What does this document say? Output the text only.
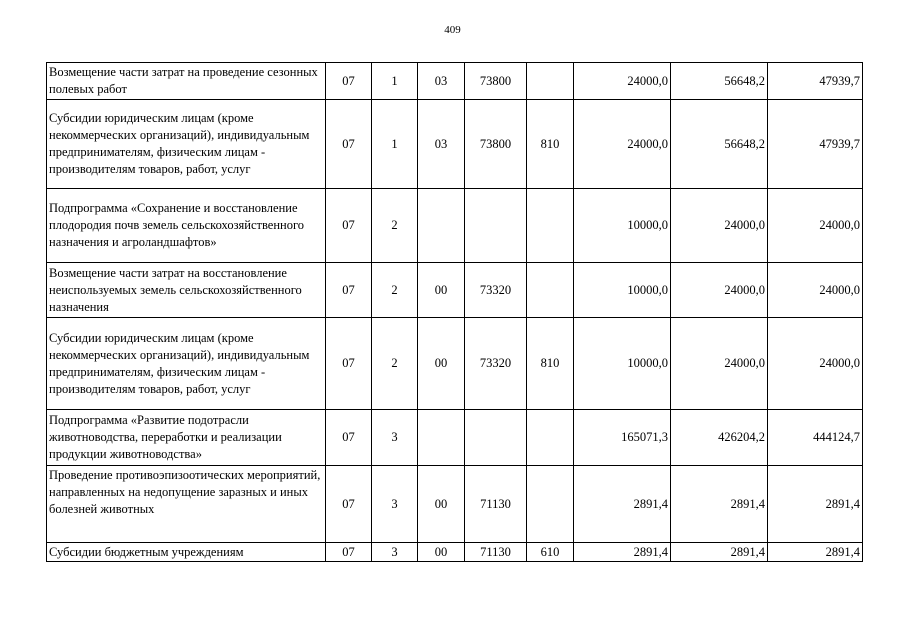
409
Возмещение части затрат на проведение сезонных полевых работ	07	1	03	73800		24000,0	56648,2	47939,7
Субсидии юридическим лицам (кроме некоммерческих организаций), индивидуальным предпринимателям, физическим лицам - производителям товаров, работ, услуг	07	1	03	73800	810	24000,0	56648,2	47939,7
Подпрограмма «Сохранение и восстановление плодородия почв земель сельскохозяйственного назначения и агроландшафтов»	07	2				10000,0	24000,0	24000,0
Возмещение части затрат на восстановление неиспользуемых земель сельскохозяйственного назначения	07	2	00	73320		10000,0	24000,0	24000,0
Субсидии юридическим лицам (кроме некоммерческих организаций), индивидуальным предпринимателям, физическим лицам - производителям товаров, работ, услуг	07	2	00	73320	810	10000,0	24000,0	24000,0
Подпрограмма «Развитие подотрасли животноводства, переработки и реализации продукции животноводства»	07	3				165071,3	426204,2	444124,7
Проведение противоэпизоотических мероприятий, направленных на недопущение заразных и иных болезней животных	07	3	00	71130		2891,4	2891,4	2891,4
Субсидии бюджетным учреждениям	07	3	00	71130	610	2891,4	2891,4	2891,4
